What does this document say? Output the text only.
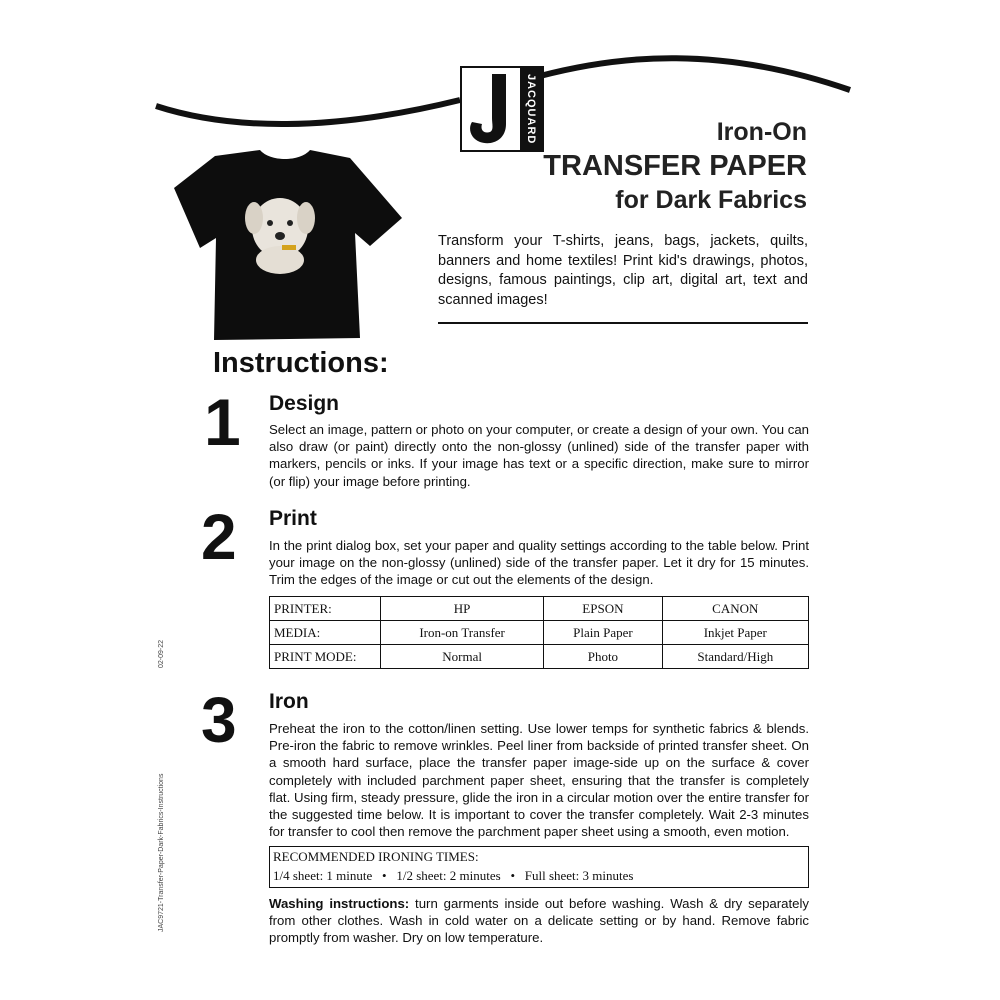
JACQUARD	Iron-On
TRANSFER PAPER
for Dark Fabrics
Transform your T-shirts, jeans, bags, jackets, quilts, banners and home textiles! Print kid's drawings, photos, designs, famous paintings, clip art, digital art, text and scanned images!
Instructions:
1 Design
Select an image, pattern or photo on your computer, or create a design of your own. You can also draw (or paint) directly onto the non-glossy (unlined) side of the transfer paper with markers, pencils or inks. If your image has text or a specific direction, make sure to mirror (or flip) your image before printing.
2 Print
In the print dialog box, set your paper and quality settings according to the table below. Print your image on the non-glossy (unlined) side of the transfer paper. Let it dry for 15 minutes. Trim the edges of the image or cut out the elements of the design.
PRINTER:	HP	EPSON	CANON
MEDIA:	Iron-on Transfer	Plain Paper	Inkjet Paper
PRINT MODE:	Normal	Photo	Standard/High
3 Iron
Preheat the iron to the cotton/linen setting. Use lower temps for synthetic fabrics & blends. Pre-iron the fabric to remove wrinkles. Peel liner from backside of printed transfer sheet. On a smooth hard surface, place the transfer paper image-side up on the surface & cover completely with included parchment paper sheet, ensuring that the transfer is completely flat. Using firm, steady pressure, glide the iron in a circular motion over the entire transfer for the suggested time below. It is important to cover the transfer completely. Wait 2-3 minutes for transfer to cool then remove the parchment paper sheet using a smooth, even motion.
RECOMMENDED IRONING TIMES:
1/4 sheet: 1 minute   •   1/2 sheet: 2 minutes   •   Full sheet: 3 minutes
Washing instructions: turn garments inside out before washing. Wash & dry separately from other clothes. Wash in cold water on a delicate setting or by hand. Remove fabric promptly from washer. Dry on low temperature.
02-09-22
JAC9721-Transfer-Paper-Dark-Fabrics-Instructions
